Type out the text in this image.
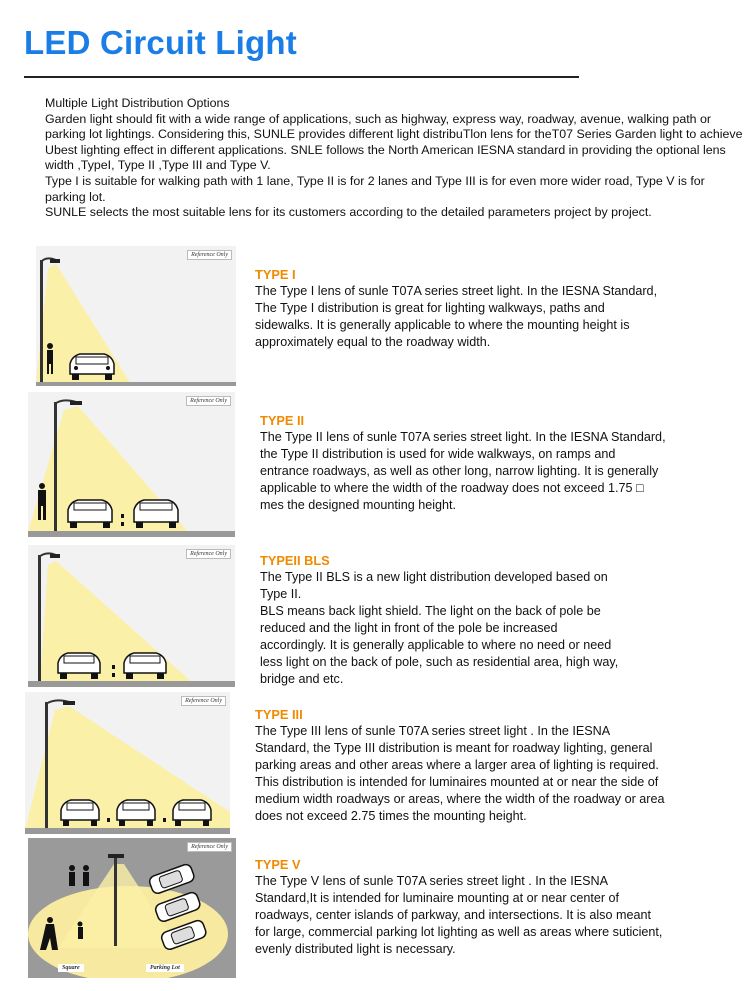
LED Circuit Light

Multiple Light Distribution Options

Garden light should fit with a wide range of applications, such as highway, express way, roadway, avenue, walking path or parking lot lightings. Considering this, SUNLE provides different light distribuTlon lens for theT07 Series Garden light to achieve Ubest lighting effect in different applications. SNLE follows the North American IESNA standard in providing the optional lens width ,TypeI, Type II ,Type III and Type V.

Type I is suitable for walking path with 1 lane, Type II is for 2 lanes and Type III is for even more wider road, Type V is for parking lot.

SUNLE selects the most suitable lens for its customers according to the detailed parameters project by project.

Reference Only

TYPE I

The Type I lens of sunle T07A series street light. In the IESNA Standard,
The Type I distribution is great for lighting walkways, paths and
sidewalks. It is generally applicable to where the mounting height is
approximately equal to the roadway width.

Reference Only

TYPE II

The Type II lens of sunle T07A series street light. In the IESNA Standard,
the Type II distribution is used for wide walkways, on ramps and
entrance roadways, as well as other long, narrow lighting. It is generally
applicable to where the width of the roadway does not exceed 1.75 □
mes the designed mounting height.

Reference Only	TYPEII BLS

The Type II BLS is a new light distribution developed based on
Type II.
BLS means back light shield. The light on the back of pole be
reduced and the light in front of the pole be increased
accordingly. It is generally applicable to where no need or need
less light on the back of pole, such as residential area, high way,
bridge and etc.

Reference Only

TYPE III

The Type III lens of sunle T07A series street light . In the IESNA
Standard, the Type III distribution is meant for roadway lighting, general
parking areas and other areas where a larger area of lighting is required.
This distribution is intended for luminaires mounted at or near the side of
medium width roadways or areas, where the width of the roadway or area
does not exceed 2.75 times the mounting height.

Reference Only
Square	Parking Lot

TYPE V

The Type V lens of sunle T07A series street light . In the IESNA
Standard,It is intended for luminaire mounting at or near center of
roadways, center islands of parkway, and intersections. It is also meant
for large, commercial parking lot lighting as well as areas where suticient,
evenly distributed light is necessary.
